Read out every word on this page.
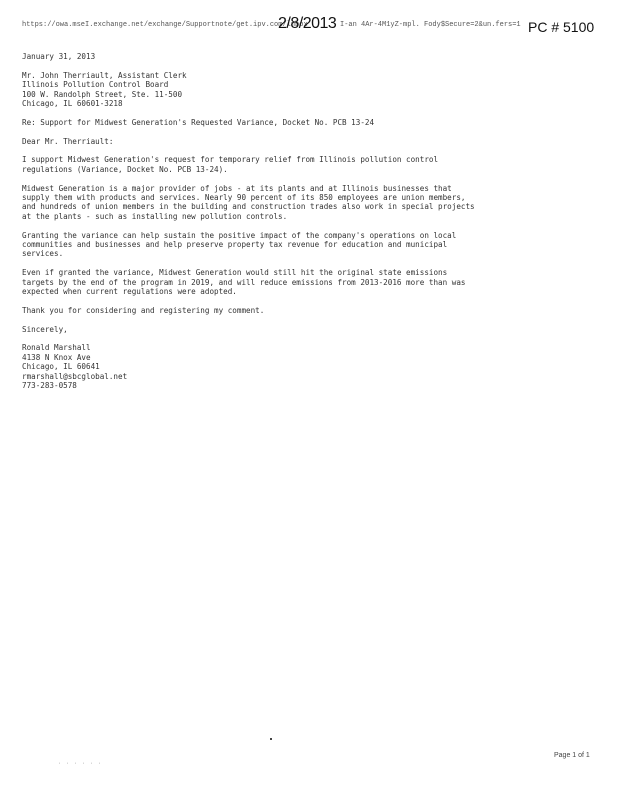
https://owa.mseI.exchange.net/exchange/Supportnote/get.ipv.com/lnbox
2/8/2013 I-an 4Ar-4M1yZ-mpl. Fody$Secure=2&un.fers=1 PC # 5100
January 31, 2013
Mr. John Therriault, Assistant Clerk
Illinois Pollution Control Board
100 W. Randolph Street, Ste. 11-500
Chicago, IL 60601-3218
Re: Support for Midwest Generation's Requested Variance, Docket No. PCB 13-24
Dear Mr. Therriault:
I support Midwest Generation's request for temporary relief from Illinois pollution control
regulations (Variance, Docket No. PCB 13-24).
Midwest Generation is a major provider of jobs - at its plants and at Illinois businesses that
supply them with products and services. Nearly 90 percent of its 850 employees are union members,
and hundreds of union members in the building and construction trades also work in special projects
at the plants - such as installing new pollution controls.
Granting the variance can help sustain the positive impact of the company's operations on local
communities and businesses and help preserve property tax revenue for education and municipal
services.
Even if granted the variance, Midwest Generation would still hit the original state emissions
targets by the end of the program in 2019, and will reduce emissions from 2013-2016 more than was
expected when current regulations were adopted.
Thank you for considering and registering my comment.
Sincerely,
Ronald Marshall
4138 N Knox Ave
Chicago, IL 60641
rmarshall@sbcglobal.net
773-283-0578
· · · · · ·
Page 1 of 1
